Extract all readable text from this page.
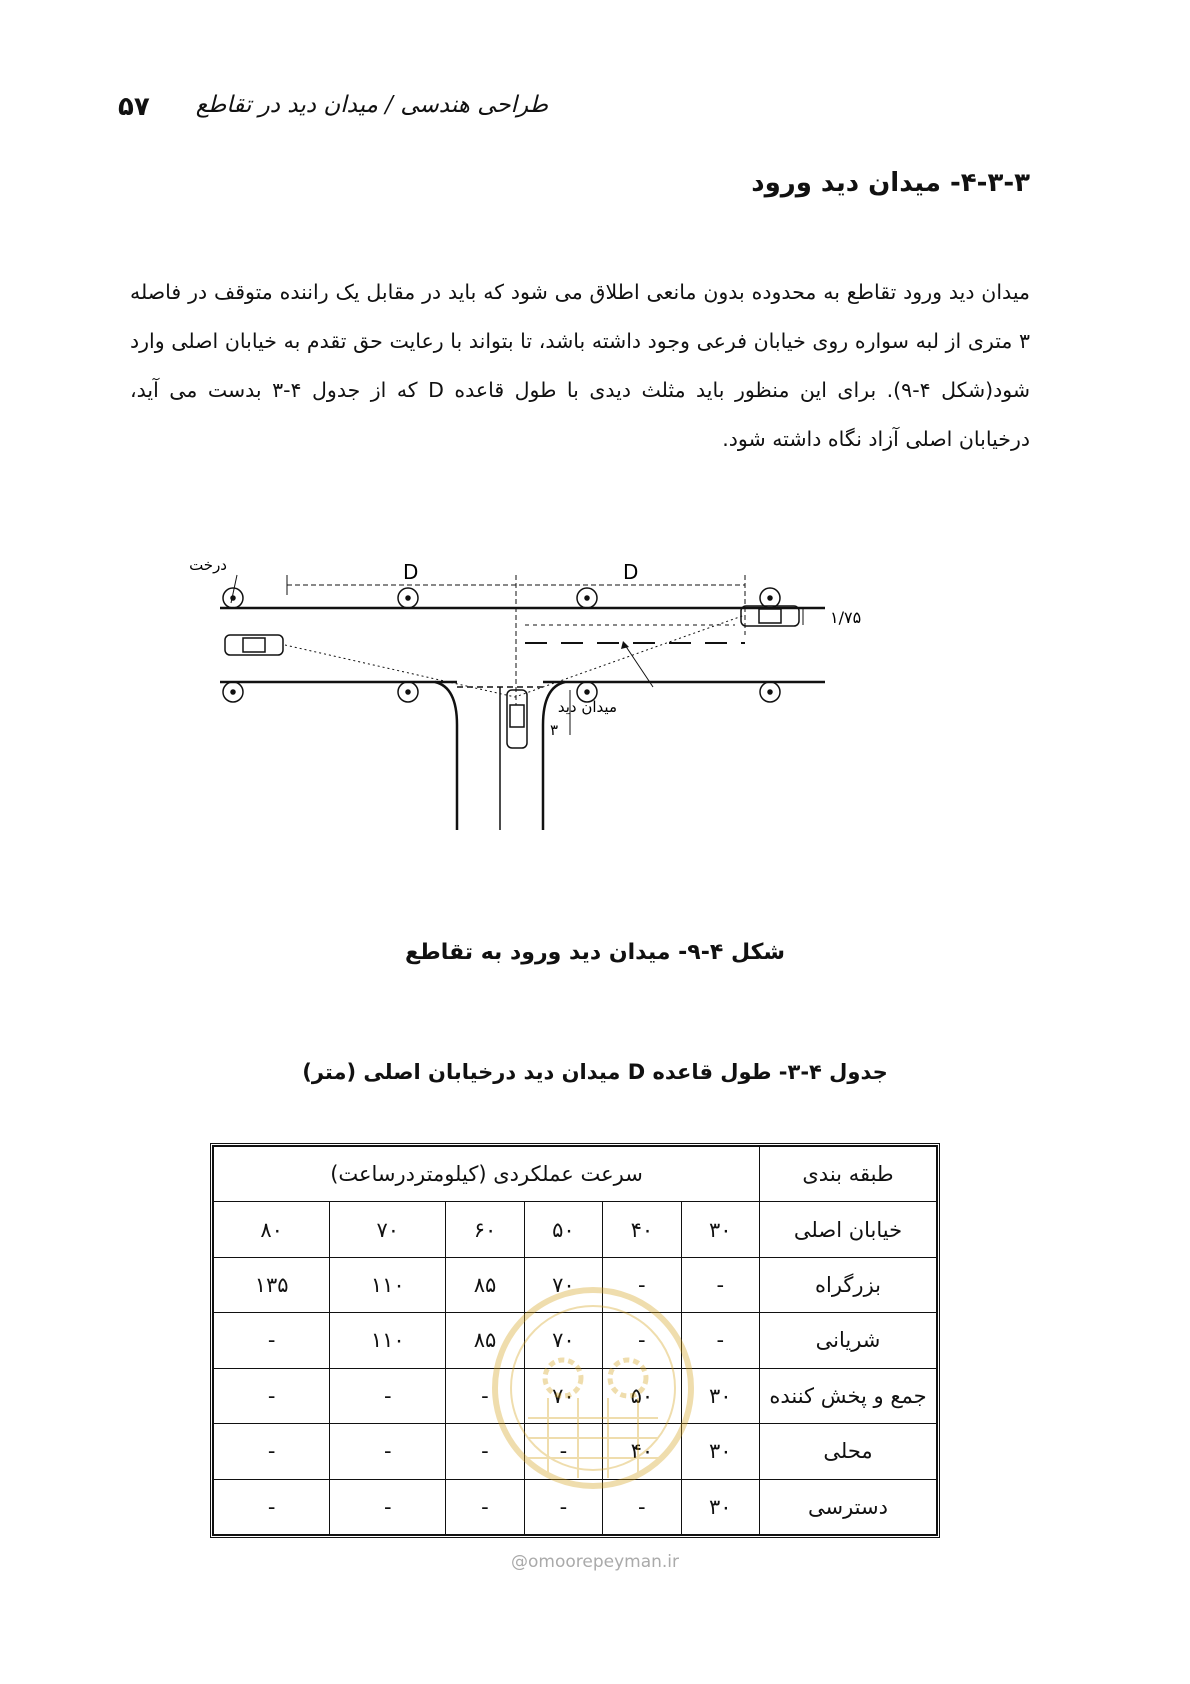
۵۷ طراحی هندسی / میدان دید در تقاطع
۴-۳-۳- میدان دید ورود
میدان دید ورود تقاطع به محدوده بدون مانعی اطلاق می شود که باید در مقابل یک راننده متوقف در فاصله ۳ متری از لبه سواره روی خیابان فرعی وجود داشته باشد، تا بتواند با رعایت حق تقدم به خیابان اصلی وارد شود(شکل ۴-۹). برای این منظور باید مثلث دیدی با طول قاعده D که از جدول ۴-۳ بدست می آید، درخیابان اصلی آزاد نگاه داشته شود.
D	D
درخت
۱/۷۵
میدان دید
۳
شکل ۴-۹- میدان دید ورود به تقاطع
جدول ۴-۳- طول قاعده D میدان دید درخیابان اصلی (متر)
طبقه بندی	سرعت عملکردی (کیلومتردرساعت)					
خیابان اصلی	۳۰	۴۰	۵۰	۶۰	۷۰	۸۰
بزرگراه	-	-	۷۰	۸۵	۱۱۰	۱۳۵
شریانی	-	-	۷۰	۸۵	۱۱۰	-
جمع و پخش کننده	۳۰	۵۰	۷۰	-	-	-
محلی	۳۰	۴۰	-	-	-	-
دسترسی	۳۰	-	-	-	-	-
@omoorepeyman.ir
